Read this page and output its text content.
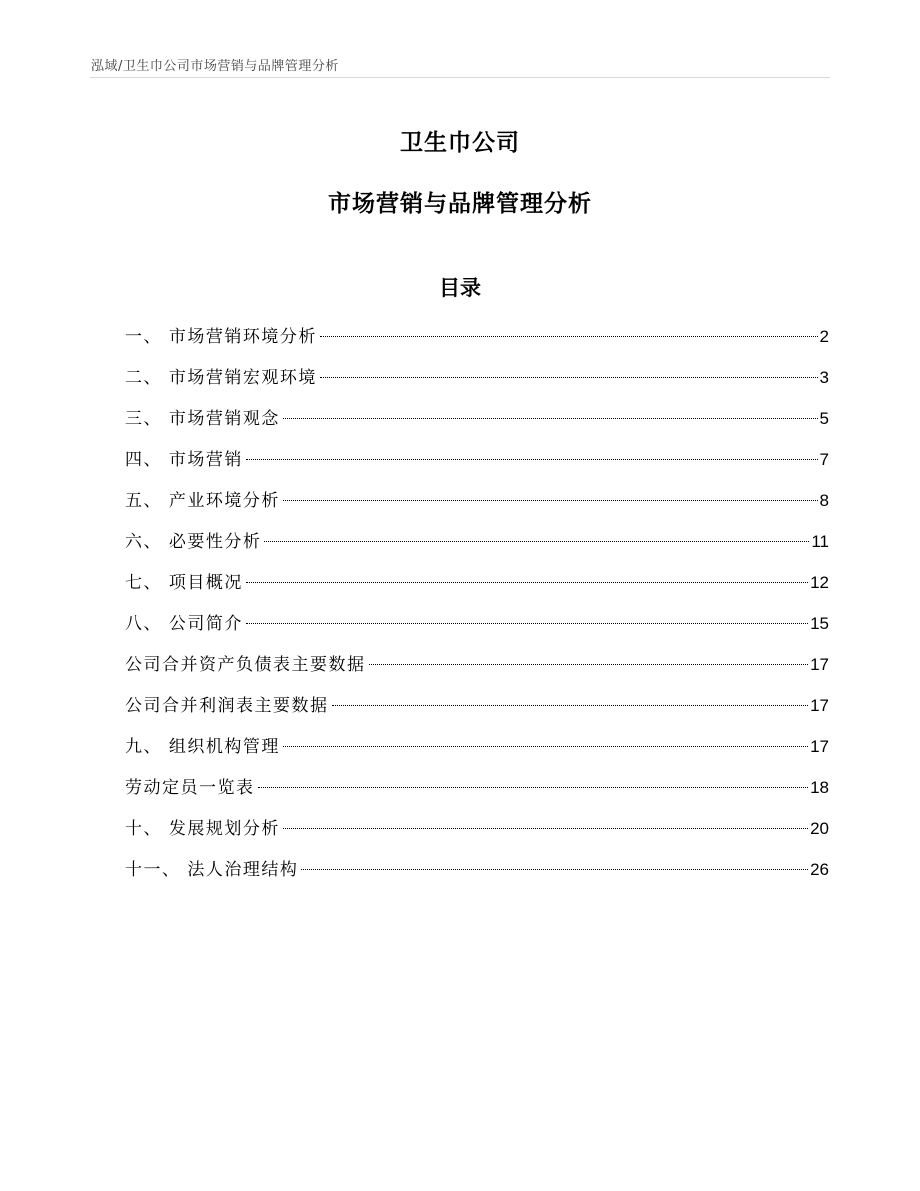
泓域/卫生巾公司市场营销与品牌管理分析
卫生巾公司
市场营销与品牌管理分析
目录
一、 市场营销环境分析	2
二、 市场营销宏观环境	3
三、 市场营销观念	5
四、 市场营销	7
五、 产业环境分析	8
六、 必要性分析	11
七、 项目概况	12
八、 公司简介	15
公司合并资产负债表主要数据	17
公司合并利润表主要数据	17
九、 组织机构管理	17
劳动定员一览表	18
十、 发展规划分析	20
十一、 法人治理结构	26
